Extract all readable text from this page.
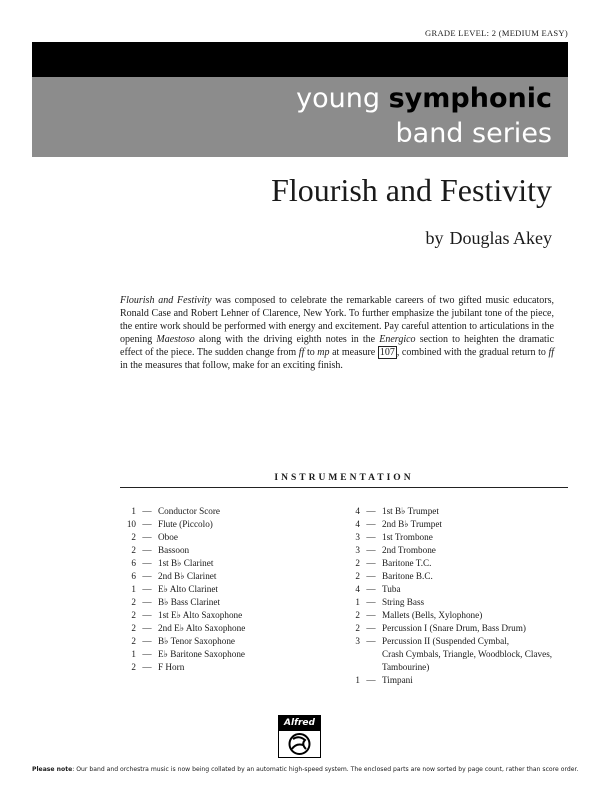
GRADE LEVEL: 2 (MEDIUM EASY)
young symphonic
band series
Flourish and Festivity
by Douglas Akey
Flourish and Festivity was composed to celebrate the remarkable careers of two gifted music educators, Ronald Case and Robert Lehner of Clarence, New York. To further emphasize the jubilant tone of the piece, the entire work should be performed with energy and excitement. Pay careful attention to articulations in the opening Maestoso along with the driving eighth notes in the Energico section to heighten the dramatic effect of the piece. The sudden change from ff to mp at measure 107 , combined with the gradual return to ff in the measures that follow, make for an exciting finish.
INSTRUMENTATION
1 — Conductor Score
10 — Flute (Piccolo)
2 — Oboe
2 — Bassoon
6 — 1st B♭ Clarinet
6 — 2nd B♭ Clarinet
1 — E♭ Alto Clarinet
2 — B♭ Bass Clarinet
2 — 1st E♭ Alto Saxophone
2 — 2nd E♭ Alto Saxophone
2 — B♭ Tenor Saxophone
1 — E♭ Baritone Saxophone
2 — F Horn
4 — 1st B♭ Trumpet
4 — 2nd B♭ Trumpet
3 — 1st Trombone
3 — 2nd Trombone
2 — Baritone T.C.
2 — Baritone B.C.
4 — Tuba
1 — String Bass
2 — Mallets (Bells, Xylophone)
2 — Percussion I (Snare Drum, Bass Drum)
3 — Percussion II (Suspended Cymbal,
Crash Cymbals, Triangle, Woodblock, Claves,
Tambourine)
1 — Timpani
Alfred
Please note: Our band and orchestra music is now being collated by an automatic high-speed system. The enclosed parts are now sorted by page count, rather than score order.
